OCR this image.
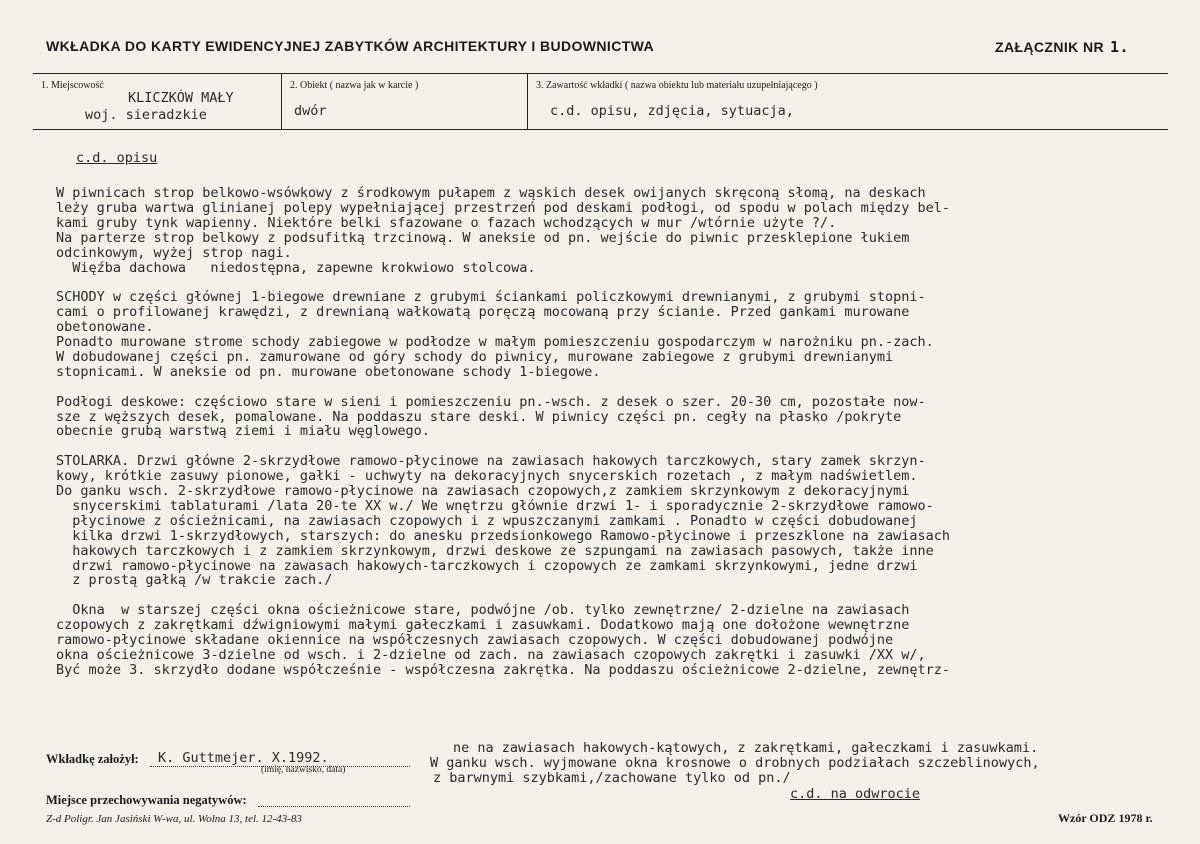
WKŁADKA DO KARTY EWIDENCYJNEJ ZABYTKÓW ARCHITEKTURY I BUDOWNICTWA	ZAŁĄCZNIK NR 1.
1. Miejscowość
KLICZKÓW MAŁY
woj. sieradzkie
2. Obiekt ( nazwa jak w karcie )
dwór
3. Zawartość wkładki ( nazwa obiektu lub materiału uzupełniającego )
c.d. opisu, zdjęcia, sytuacja,
c.d. opisu
W piwnicach strop belkowo-wsówkowy z środkowym pułapem z wąskich desek owijanych skręconą słomą, na deskach
leży gruba wartwa glinianej polepy wypełniającej przestrzeń pod deskami podłogi, od spodu w polach między bel-
kami gruby tynk wapienny. Niektóre belki sfazowane o fazach wchodzących w mur /wtórnie użyte ?/.
Na parterze strop belkowy z podsufitką trzcinową. W aneksie od pn. wejście do piwnic przesklepione łukiem
odcinkowym, wyżej strop nagi.
Więźba dachowa   niedostępna, zapewne krokwiowo stolcowa.
SCHODY w części głównej 1-biegowe drewniane z grubymi ściankami policzkowymi drewnianymi, z grubymi stopni-
cami o profilowanej krawędzi, z drewnianą wałkowatą poręczą mocowaną przy ścianie. Przed gankami murowane
obetonowane.
Ponadto murowane strome schody zabiegowe w podłodze w małym pomieszczeniu gospodarczym w narożniku pn.-zach.
W dobudowanej części pn. zamurowane od góry schody do piwnicy, murowane zabiegowe z grubymi drewnianymi
stopnicami. W aneksie od pn. murowane obetonowane schody 1-biegowe.
Podłogi deskowe: częściowo stare w sieni i pomieszczeniu pn.-wsch. z desek o szer. 20-30 cm, pozostałe now-
sze z węższych desek, pomalowane. Na poddaszu stare deski. W piwnicy części pn. cegły na płasko /pokryte
obecnie grubą warstwą ziemi i miału węglowego.
STOLARKA. Drzwi główne 2-skrzydłowe ramowo-płycinowe na zawiasach hakowych tarczkowych, stary zamek skrzyn-
kowy, krótkie zasuwy pionowe, gałki - uchwyty na dekoracyjnych snycerskich rozetach , z małym nadświetlem.
Do ganku wsch. 2-skrzydłowe ramowo-płycinowe na zawiasach czopowych,z zamkiem skrzynkowym z dekoracyjnymi
snycerskimi tablaturami /lata 20-te XX w./ We wnętrzu głównie drzwi 1- i sporadycznie 2-skrzydłowe ramowo-
płycinowe z ościeżnicami, na zawiasach czopowych i z wpuszczanymi zamkami . Ponadto w części dobudowanej
kilka drzwi 1-skrzydłowych, starszych: do anesku przedsionkowego Ramowo-płycinowe i przeszklone na zawiasach
hakowych tarczkowych i z zamkiem skrzynkowym, drzwi deskowe ze szpungami na zawiasach pasowych, także inne
drzwi ramowo-płycinowe na zawasach hakowych-tarczkowych i czopowych ze zamkami skrzynkowymi, jedne drzwi
z prostą gałką /w trakcie zach./
Okna  w starszej części okna ościeżnicowe stare, podwójne /ob. tylko zewnętrzne/ 2-dzielne na zawiasach
czopowych z zakrętkami dźwigniowymi małymi gałeczkami i zasuwkami. Dodatkowo mają one dołożone wewnętrzne
ramowo-płycinowe składane okiennice na współczesnych zawiasach czopowych. W części dobudowanej podwójne
okna ościeżnicowe 3-dzielne od wsch. i 2-dzielne od zach. na zawiasach czopowych zakrętki i zasuwki /XX w/,
Być może 3. skrzydło dodane współcześnie - współczesna zakrętka. Na poddaszu ościeżnicowe 2-dzielne, zewnętrz-
ne na zawiasach hakowych-kątowych, z zakrętkami, gałeczkami i zasuwkami.
W ganku wsch. wyjmowane okna krosnowe o drobnych podziałach szczeblinowych,
z barwnymi szybkami,/zachowane tylko od pn./
c.d. na odwrocie
Wkładkę założył: K. Guttmejer. X.1992.
(imię, nazwisko, data)
Miejsce przechowywania negatywów:
Z-d Poligr. Jan Jasiński W-wa, ul. Wolna 13, tel. 12-43-83	Wzór ODZ 1978 r.
